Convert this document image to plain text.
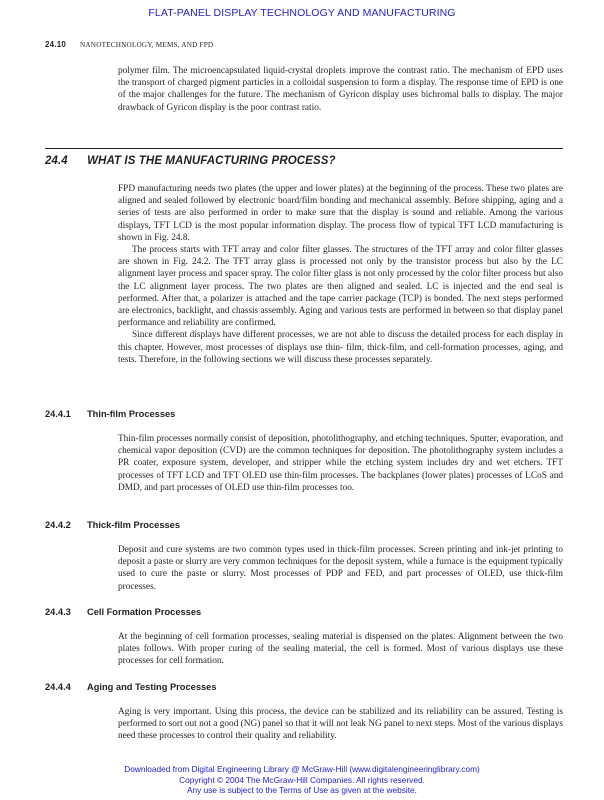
FLAT-PANEL DISPLAY TECHNOLOGY AND MANUFACTURING
24.10 NANOTECHNOLOGY, MEMS, AND FPD

polymer film. The microencapsulated liquid-crystal droplets improve the contrast ratio. The mechanism of EPD uses the transport of charged pigment particles in a colloidal suspension to form a display. The response time of EPD is one of the major challenges for the future. The mechanism of Gyricon display uses bichromal balls to display. The major drawback of Gyricon display is the poor contrast ratio.

24.4 WHAT IS THE MANUFACTURING PROCESS?

FPD manufacturing needs two plates (the upper and lower plates) at the beginning of the process. These two plates are aligned and sealed followed by electronic board/film bonding and mechanical assembly. Before shipping, aging and a series of tests are also performed in order to make sure that the display is sound and reliable. Among the various displays, TFT LCD is the most popular information display. The process flow of typical TFT LCD manufacturing is shown in Fig. 24.8.

The process starts with TFT array and color filter glasses. The structures of the TFT array and color filter glasses are shown in Fig. 24.2. The TFT array glass is processed not only by the transistor process but also by the LC alignment layer process and spacer spray. The color filter glass is not only processed by the color filter process but also the LC alignment layer process. The two plates are then aligned and sealed. LC is injected and the end seal is performed. After that, a polarizer is attached and the tape carrier package (TCP) is bonded. The next steps performed are electronics, backlight, and chassis assembly. Aging and various tests are performed in between so that display panel performance and reliability are confirmed.

Since different displays have different processes, we are not able to discuss the detailed process for each display in this chapter. However, most processes of displays use thin- film, thick-film, and cell-formation processes, aging, and tests. Therefore, in the following sections we will discuss these processes separately.

24.4.1 Thin-film Processes

Thin-film processes normally consist of deposition, photolithography, and etching techniques. Sputter, evaporation, and chemical vapor deposition (CVD) are the common techniques for deposition. The photolithography system includes a PR coater, exposure system, developer, and stripper while the etching system includes dry and wet etchers. TFT processes of TFT LCD and TFT OLED use thin-film processes. The backplanes (lower plates) processes of LCoS and DMD, and part processes of OLED use thin-film processes too.

24.4.2 Thick-film Processes

Deposit and cure systems are two common types used in thick-film processes. Screen printing and ink-jet printing to deposit a paste or slurry are very common techniques for the deposit system, while a furnace is the equipment typically used to cure the paste or slurry. Most processes of PDP and FED, and part processes of OLED, use thick-film processes.

24.4.3 Cell Formation Processes

At the beginning of cell formation processes, sealing material is dispensed on the plates. Alignment between the two plates follows. With proper curing of the sealing material, the cell is formed. Most of various displays use these processes for cell formation.

24.4.4 Aging and Testing Processes

Aging is very important. Using this process, the device can be stabilized and its reliability can be assured. Testing is performed to sort out not a good (NG) panel so that it will not leak NG panel to next steps. Most of the various displays need these processes to control their quality and reliability.

Downloaded from Digital Engineering Library @ McGraw-Hill (www.digitalengineeringlibrary.com)
Copyright © 2004 The McGraw-Hill Companies. All rights reserved.
Any use is subject to the Terms of Use as given at the website.
